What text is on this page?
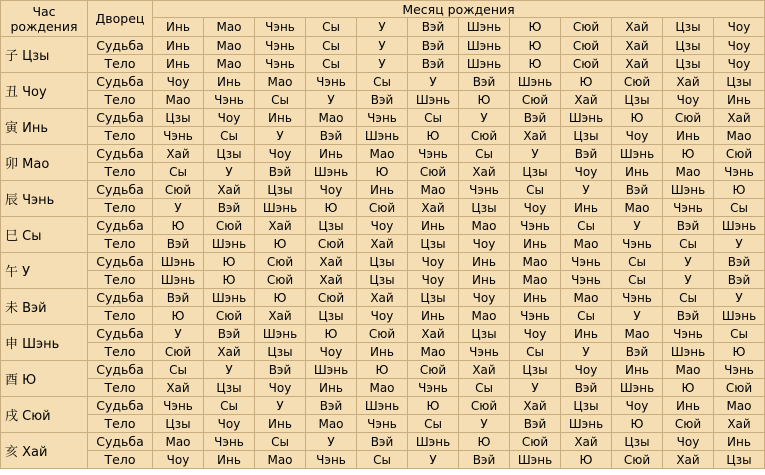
Час рождения	Дворец	Месяц рождения											
		Инь	Мао	Чэнь	Сы	У	Вэй	Шэнь	Ю	Сюй	Хай	Цзы	Чоу
子 Цзы	Судьба	Инь	Мао	Чэнь	Сы	У	Вэй	Шэнь	Ю	Сюй	Хай	Цзы	Чоу
	Тело	Инь	Мао	Чэнь	Сы	У	Вэй	Шэнь	Ю	Сюй	Хай	Цзы	Чоу
丑 Чоу	Судьба	Чоу	Инь	Мао	Чэнь	Сы	У	Вэй	Шэнь	Ю	Сюй	Хай	Цзы
	Тело	Мао	Чэнь	Сы	У	Вэй	Шэнь	Ю	Сюй	Хай	Цзы	Чоу	Инь
寅 Инь	Судьба	Цзы	Чоу	Инь	Мао	Чэнь	Сы	У	Вэй	Шэнь	Ю	Сюй	Хай
	Тело	Чэнь	Сы	У	Вэй	Шэнь	Ю	Сюй	Хай	Цзы	Чоу	Инь	Мао
卯 Мао	Судьба	Хай	Цзы	Чоу	Инь	Мао	Чэнь	Сы	У	Вэй	Шэнь	Ю	Сюй
	Тело	Сы	У	Вэй	Шэнь	Ю	Сюй	Хай	Цзы	Чоу	Инь	Мао	Чэнь
辰 Чэнь	Судьба	Сюй	Хай	Цзы	Чоу	Инь	Мао	Чэнь	Сы	У	Вэй	Шэнь	Ю
	Тело	У	Вэй	Шэнь	Ю	Сюй	Хай	Цзы	Чоу	Инь	Мао	Чэнь	Сы
巳 Сы	Судьба	Ю	Сюй	Хай	Цзы	Чоу	Инь	Мао	Чэнь	Сы	У	Вэй	Шэнь
	Тело	Вэй	Шэнь	Ю	Сюй	Хай	Цзы	Чоу	Инь	Мао	Чэнь	Сы	У
午 У	Судьба	Шэнь	Ю	Сюй	Хай	Цзы	Чоу	Инь	Мао	Чэнь	Сы	У	Вэй
	Тело	Шэнь	Ю	Сюй	Хай	Цзы	Чоу	Инь	Мао	Чэнь	Сы	У	Вэй
未 Вэй	Судьба	Вэй	Шэнь	Ю	Сюй	Хай	Цзы	Чоу	Инь	Мао	Чэнь	Сы	У
	Тело	Ю	Сюй	Хай	Цзы	Чоу	Инь	Мао	Чэнь	Сы	У	Вэй	Шэнь
申 Шэнь	Судьба	У	Вэй	Шэнь	Ю	Сюй	Хай	Цзы	Чоу	Инь	Мао	Чэнь	Сы
	Тело	Сюй	Хай	Цзы	Чоу	Инь	Мао	Чэнь	Сы	У	Вэй	Шэнь	Ю
酉 Ю	Судьба	Сы	У	Вэй	Шэнь	Ю	Сюй	Хай	Цзы	Чоу	Инь	Мао	Чэнь
	Тело	Хай	Цзы	Чоу	Инь	Мао	Чэнь	Сы	У	Вэй	Шэнь	Ю	Сюй
戌 Сюй	Судьба	Чэнь	Сы	У	Вэй	Шэнь	Ю	Сюй	Хай	Цзы	Чоу	Инь	Мао
	Тело	Цзы	Чоу	Инь	Мао	Чэнь	Сы	У	Вэй	Шэнь	Ю	Сюй	Хай
亥 Хай	Судьба	Мао	Чэнь	Сы	У	Вэй	Шэнь	Ю	Сюй	Хай	Цзы	Чоу	Инь
	Тело	Чоу	Инь	Мао	Чэнь	Сы	У	Вэй	Шэнь	Ю	Сюй	Хай	Цзы
